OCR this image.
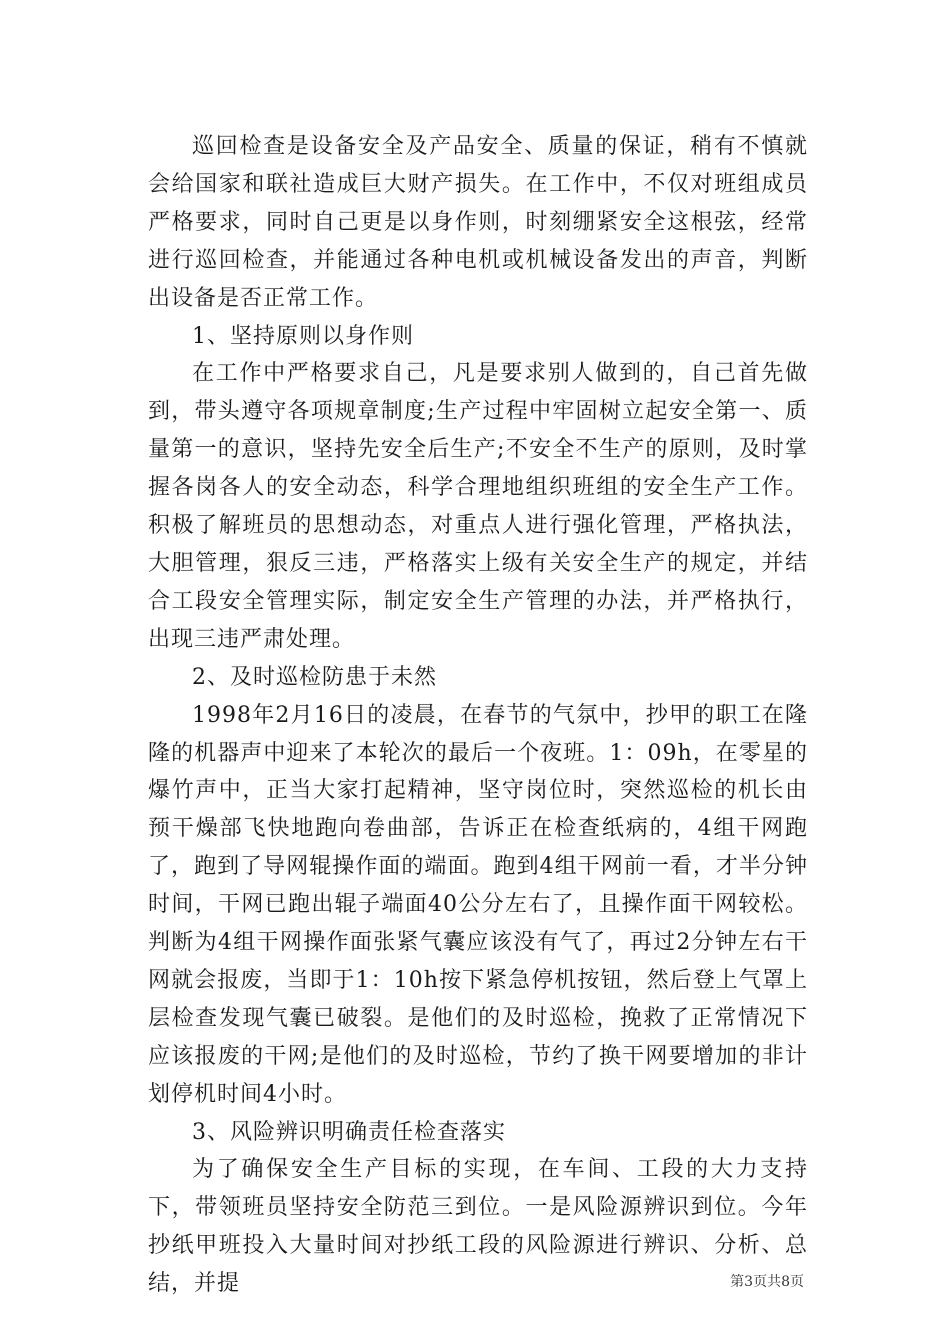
巡回检查是设备安全及产品安全、质量的保证，稍有不慎就会给国家和联社造成巨大财产损失。在工作中，不仅对班组成员严格要求，同时自己更是以身作则，时刻绷紧安全这根弦，经常进行巡回检查，并能通过各种电机或机械设备发出的声音，判断出设备是否正常工作。

1、坚持原则以身作则

在工作中严格要求自己，凡是要求别人做到的，自己首先做到，带头遵守各项规章制度;生产过程中牢固树立起安全第一、质量第一的意识，坚持先安全后生产;不安全不生产的原则，及时掌握各岗各人的安全动态，科学合理地组织班组的安全生产工作。积极了解班员的思想动态，对重点人进行强化管理，严格执法，大胆管理，狠反三违，严格落实上级有关安全生产的规定，并结合工段安全管理实际，制定安全生产管理的办法，并严格执行，出现三违严肃处理。

2、及时巡检防患于未然

1998年2月16日的凌晨，在春节的气氛中，抄甲的职工在隆隆的机器声中迎来了本轮次的最后一个夜班。1：09h，在零星的爆竹声中，正当大家打起精神，坚守岗位时，突然巡检的机长由预干燥部飞快地跑向卷曲部，告诉正在检查纸病的，4组干网跑了，跑到了导网辊操作面的端面。跑到4组干网前一看，才半分钟时间，干网已跑出辊子端面40公分左右了，且操作面干网较松。判断为4组干网操作面张紧气囊应该没有气了，再过2分钟左右干网就会报废，当即于1：10h按下紧急停机按钮，然后登上气罩上层检查发现气囊已破裂。是他们的及时巡检，挽救了正常情况下应该报废的干网;是他们的及时巡检，节约了换干网要增加的非计划停机时间4小时。

3、风险辨识明确责任检查落实

为了确保安全生产目标的实现，在车间、工段的大力支持下，带领班员坚持安全防范三到位。一是风险源辨识到位。今年抄纸甲班投入大量时间对抄纸工段的风险源进行辨识、分析、总结，并提	第3页共8页
